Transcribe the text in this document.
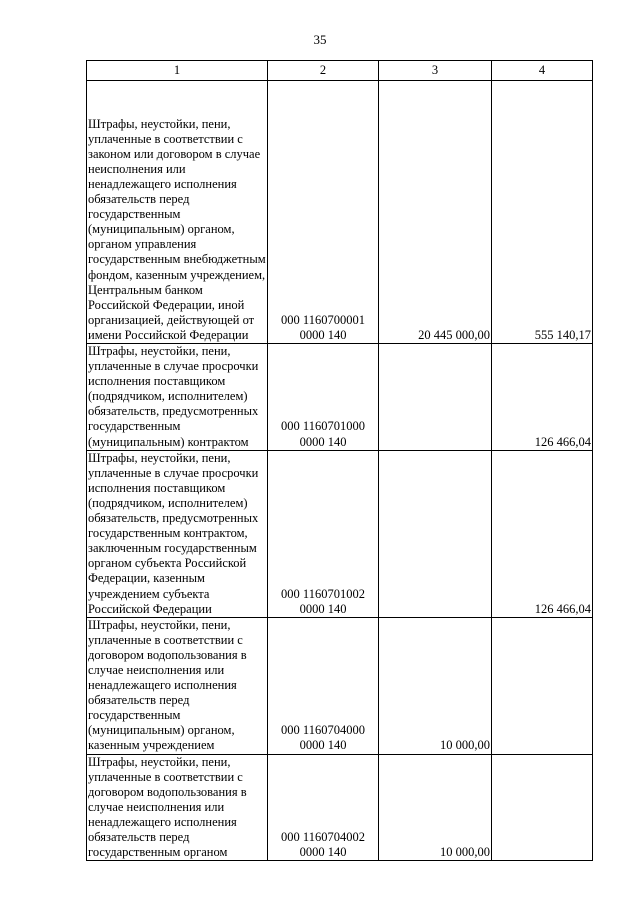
35
1	2	3	4
Штрафы, неустойки, пени, уплаченные в соответствии с законом или договором в случае неисполнения или ненадлежащего исполнения обязательств перед государственным (муниципальным) органом, органом управления государственным внебюджетным фондом, казенным учреждением, Центральным банком Российской Федерации, иной организацией, действующей от имени Российской Федерации	000 1160700001
0000 140	20 445 000,00	555 140,17
Штрафы, неустойки, пени, уплаченные в случае просрочки исполнения поставщиком (подрядчиком, исполнителем) обязательств, предусмотренных государственным (муниципальным) контрактом	000 1160701000
0000 140		126 466,04
Штрафы, неустойки, пени, уплаченные в случае просрочки исполнения поставщиком (подрядчиком, исполнителем) обязательств, предусмотренных государственным контрактом, заключенным государственным органом субъекта Российской Федерации, казенным учреждением субъекта Российской Федерации	000 1160701002
0000 140		126 466,04
Штрафы, неустойки, пени, уплаченные в соответствии с договором водопользования в случае неисполнения или ненадлежащего исполнения обязательств перед государственным (муниципальным) органом, казенным учреждением	000 1160704000
0000 140	10 000,00	
Штрафы, неустойки, пени, уплаченные в соответствии с договором водопользования в случае неисполнения или ненадлежащего исполнения обязательств перед государственным органом	000 1160704002
0000 140	10 000,00	
